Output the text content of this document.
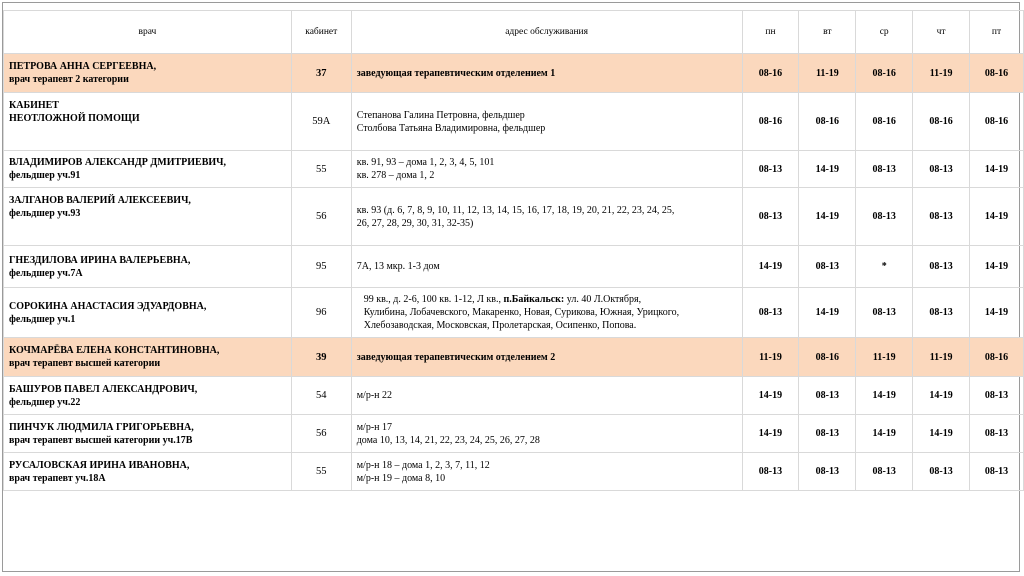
врач	кабинет	адрес обслуживания	пн	вт	ср	чт	пт

ПЕТРОВА АННА СЕРГЕЕВНА,
врач терапевт 2 категории	37	заведующая терапевтическим отделением 1	08-16	11-19	08-16	11-19	08-16

КАБИНЕТ
НЕОТЛОЖНОЙ ПОМОЩИ	59А	Степанова Галина Петровна, фельдшер
Столбова Татьяна Владимировна, фельдшер	08-16	08-16	08-16	08-16	08-16

ВЛАДИМИРОВ АЛЕКСАНДР ДМИТРИЕВИЧ,
фельдшер уч.91	55	кв. 91, 93 – дома 1, 2, 3, 4, 5, 101
кв. 278 – дома 1, 2	08-13	14-19	08-13	08-13	14-19

ЗАЛГАНОВ ВАЛЕРИЙ АЛЕКСЕЕВИЧ,
фельдшер уч.93	56	кв. 93 (д. 6, 7, 8, 9, 10, 11, 12, 13, 14, 15, 16, 17, 18, 19, 20, 21, 22, 23, 24, 25,
26, 27, 28, 29, 30, 31, 32-35)	08-13	14-19	08-13	08-13	14-19

ГНЕЗДИЛОВА ИРИНА ВАЛЕРЬЕВНА,
фельдшер уч.7А	95	7А, 13 мкр. 1-3 дом	14-19	08-13	*	08-13	14-19

СОРОКИНА АНАСТАСИЯ ЭДУАРДОВНА,
фельдшер уч.1	96	99 кв., д. 2-6, 100 кв. 1-12, Л кв., п.Байкальск: ул. 40 Л.Октября,
Кулибина, Лобачевского, Макаренко, Новая, Сурикова, Южная, Урицкого,
Хлебозаводская, Московская, Пролетарская, Осипенко, Попова.	08-13	14-19	08-13	08-13	14-19

КОЧМАРЁВА ЕЛЕНА КОНСТАНТИНОВНА,
врач терапевт высшей категории	39	заведующая терапевтическим отделением 2	11-19	08-16	11-19	11-19	08-16

БАШУРОВ ПАВЕЛ АЛЕКСАНДРОВИЧ,
фельдшер уч.22	54	м/р-н 22	14-19	08-13	14-19	14-19	08-13

ПИНЧУК ЛЮДМИЛА ГРИГОРЬЕВНА,
врач терапевт высшей категории уч.17В	56	м/р-н 17
дома 10, 13, 14, 21, 22, 23, 24, 25, 26, 27, 28	14-19	08-13	14-19	14-19	08-13

РУСАЛОВСКАЯ ИРИНА ИВАНОВНА,
врач терапевт уч.18А	55	м/р-н 18 – дома 1, 2, 3, 7, 11, 12
м/р-н 19 – дома 8, 10	08-13	08-13	08-13	08-13	08-13
